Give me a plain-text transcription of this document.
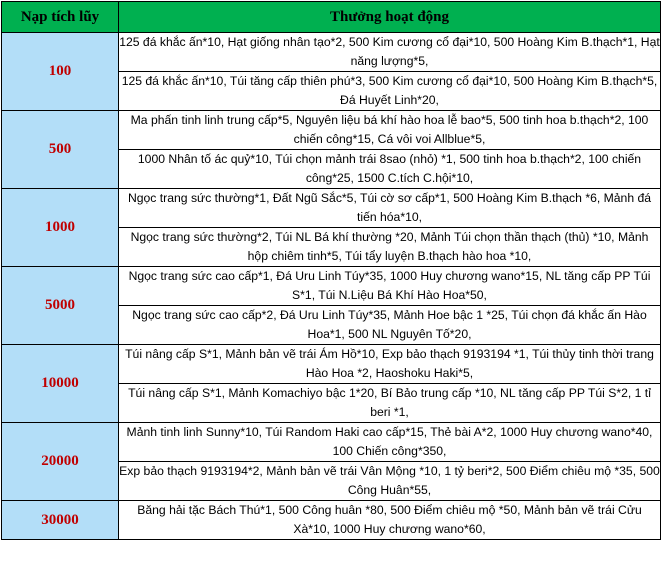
Nạp tích lũy	Thưởng hoạt động
100	125 đá khắc ấn*10, Hạt giống nhân tạo*2, 500 Kim cương cổ đại*10, 500 Hoàng Kim B.thạch*1, Hạt năng lượng*5,
	125 đá khắc ấn*10, Túi tăng cấp thiên phú*3, 500 Kim cương cổ đại*10, 500 Hoàng Kim B.thạch*5, Đá Huyết Linh*20,
500	Ma phấn tinh linh trung cấp*5, Nguyên liệu bá khí hào hoa lễ bao*5, 500 tinh hoa b.thạch*2, 100 chiến công*15, Cá vôi voi Allblue*5,
	1000 Nhân tố ác quỷ*10, Túi chọn mảnh trái 8sao (nhỏ) *1, 500 tinh hoa b.thạch*2, 100 chiến công*25, 1500 C.tích C.hội*10,
1000	Ngọc trang sức thường*1, Đất Ngũ Sắc*5, Túi cờ sơ cấp*1, 500 Hoàng Kim B.thạch *6, Mảnh đá tiến hóa*10,
	Ngọc trang sức thường*2, Túi NL Bá khí thường *20, Mảnh Túi chọn thần thạch (thủ) *10, Mảnh hộp chiêm tinh*5, Túi tẩy luyện B.thạch hào hoa *10,
5000	Ngọc trang sức cao cấp*1, Đá Uru Linh Túy*35, 1000 Huy chương wano*15, NL tăng cấp PP Túi S*1, Túi N.Liệu Bá Khí Hào Hoa*50,
	Ngọc trang sức cao cấp*2, Đá Uru Linh Túy*35, Mảnh Hoe bậc 1 *25, Túi chọn đá khắc ấn Hào Hoa*1, 500 NL Nguyên Tố*20,
10000	Túi nâng cấp S*1, Mảnh bản vẽ trái Ám Hồ*10, Exp bảo thạch 9193194 *1, Túi thủy tinh thời trang Hào Hoa *2, Haoshoku Haki*5,
	Túi nâng cấp S*1, Mảnh Komachiyo bậc 1*20, Bí Bảo trung cấp *10, NL tăng cấp PP Túi S*2, 1 tỉ beri *1,
20000	Mảnh tinh linh Sunny*10, Túi Random Haki cao cấp*15, Thẻ bài A*2, 1000 Huy chương wano*40, 100 Chiến công*350,
	Exp bảo thạch 9193194*2, Mảnh bản vẽ trái Vân Mộng *10, 1 tỷ beri*2, 500 Điểm chiêu mộ *35, 500 Công Huân*55,
30000	Băng hải tặc Bách Thú*1, 500 Công huân *80, 500 Điểm chiêu mộ *50, Mảnh bản vẽ trái Cửu Xà*10, 1000 Huy chương wano*60,
